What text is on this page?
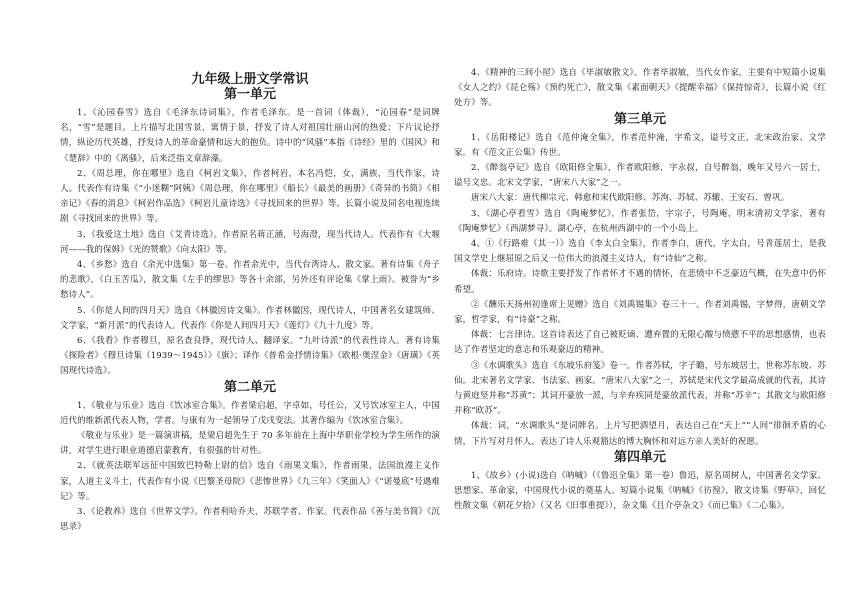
九年级上册文学常识
第一单元

1、《沁园春雪》选自《毛泽东诗词集》，作者毛泽东。是一首词（体裁），“沁园春”是词牌名，“雪”是题目。上片描写北国雪景，寓情于景，抒发了诗人对祖国壮丽山河的热爱；下片议论抒情，纵论历代英雄，抒发诗人的革命豪情和远大的抱负。诗中的“风骚”本指《诗经》里的《国风》和《楚辞》中的《离骚》，后来泛指文章辞藻。

2、《周总理，你在哪里》选自《柯岩文集》，作者柯岩，本名冯恺，女，满族，当代作家，诗人。代表作有诗集《“小迷糊”阿姨》《周总理，你在哪里》《船长》《最美的画册》《奇异的书简》《相亲记》《春的消息》《柯岩作品选》《柯岩儿童诗选》《寻找回来的世界》等。长篇小说及同名电视连续剧《寻找回来的世界》等。

3、《我爱这土地》选自《艾青诗选》。作者原名蒋正涵，号海澄，现当代诗人。代表作有《大堰河——我的保姆》《光的赞歌》《向太阳》等。

4、《乡愁》选自《余光中选集》第一卷。作者余光中，当代台湾诗人、散文家。著有诗集《舟子的悲歌》，《白玉苦瓜》，散文集《左手的缪思》等各十余部，另外还有评论集《掌上雨》。被誉为“乡愁诗人”。

5、《你是人间的四月天》选自《林徽因诗文集》。作者林徽因，现代诗人，中国著名女建筑师、文学家，“新月派”的代表诗人。代表作《你是人间四月天》《莲灯》《九十九度》等。

6、《我看》作者穆旦，原名查良铮，现代诗人、翻译家。“九叶诗派”的代表性诗人。著有诗集《探险者》《穆旦诗集（1939～1945）》《旗》；译作《普希金抒情诗集》《欧根·奥涅金》《唐璜》《英国现代诗选》。

第二单元

1、《敬业与乐业》选自《饮冰室合集》。作者梁启超，字卓如，号任公，又号饮冰室主人，中国近代的维新派代表人物，学者。与康有为一起领导了戊戌变法。其著作编为《饮冰室合集》。

《敬业与乐业》是一篇演讲稿，是梁启超先生于 70 多年前在上海中华职业学校为学生所作的演讲，对学生进行职业道德启蒙教育，有很强的针对性。

2、《就英法联军远征中国致巴特勒上尉的信》选自《雨果文集》，作者雨果，法国浪漫主义作家，人道主义斗士，代表作有小说《巴黎圣母院》《悲惨世界》《九三年》《笑面人》《“诺曼底”号遇难记》等。

3、《论教养》选自《世界文学》。作者利哈乔夫，苏联学者、作家。代表作品《善与美书简》《沉思录》

4、《精神的三间小屋》选自《毕淑敏散文》。作者毕淑敏，当代女作家，主要有中短篇小说集《女人之约》《昆仑殇》《预约死亡》，散文集《素面朝天》《提醒幸福》《保持惊奇》，长篇小说《红处方》等。

第三单元

1、《岳阳楼记》选自《范仲淹全集》，作者范仲淹，字希文，谥号文正，北宋政治家、文学家。有《范文正公集》传世。

2、《醉翁亭记》选自《欧阳修全集》，作者欧阳修，字永叔，自号醉翁，晚年又号六一居士，谥号文忠。北宋文学家，“唐宋八大家”之一。

唐宋八大家：唐代柳宗元、韩愈和宋代欧阳修、苏洵、苏轼、苏辙、王安石、曾巩。

3、《湖心亭看雪》选自《陶庵梦忆》，作者张岱，字宗子，号陶庵，明末清初文学家，著有《陶庵梦忆》《西湖梦寻》。湖心亭，在杭州西湖中的一个小岛上。

4、①《行路难（其一）》选自《李太白全集》，作者李白，唐代，字太白，号青莲居士，是我国文学史上继屈原之后又一位伟大的浪漫主义诗人，有“诗仙”之称。

体裁：乐府诗。诗歌主要抒发了作者怀才不遇的情怀，在悲愤中不乏豪迈气概，在失意中仍怀希望。

②《酬乐天扬州初逢席上见赠》选自《刘禹锡集》卷三十一。作者刘禹锡，字梦得，唐朝文学家，哲学家，有“诗豪”之称。

体裁：七言律诗。这首诗表达了自己被贬谪、遭弃置的无限心酸与愤懑不平的思想感情，也表达了作者坚定的意志和乐观豪迈的精神。

③《水调歌头》选自《东坡乐府笺》卷一。作者苏轼，字子瞻，号东坡居士，世称苏东坡、苏仙。北宋著名文学家、书法家、画家。“唐宋八大家”之一，苏轼是宋代文学最高成就的代表，其诗与黄庭坚并称“苏黄”；其词开豪放一派，与辛弃疾同是豪放派代表，并称“苏辛”；其散文与欧阳修并称“欧苏”。

体裁：词，“水调歌头”是词牌名。上片写把酒望月，表达自己在“天上”“人间”徘徊矛盾的心情，下片写对月怀人，表达了诗人乐观豁达的博大胸怀和对远方亲人美好的祝愿。

第四单元

1、《故乡》(小说)选自《呐喊》（《鲁迅全集》第一卷）鲁迅，原名周树人，中国著名文学家、思想家、革命家，中国现代小说的奠基人。短篇小说集《呐喊》《彷徨》，散文诗集《野草》，回忆性散文集《朝花夕拾》（又名《旧事重提》），杂文集《且介亭杂文》《而已集》《二心集》。
